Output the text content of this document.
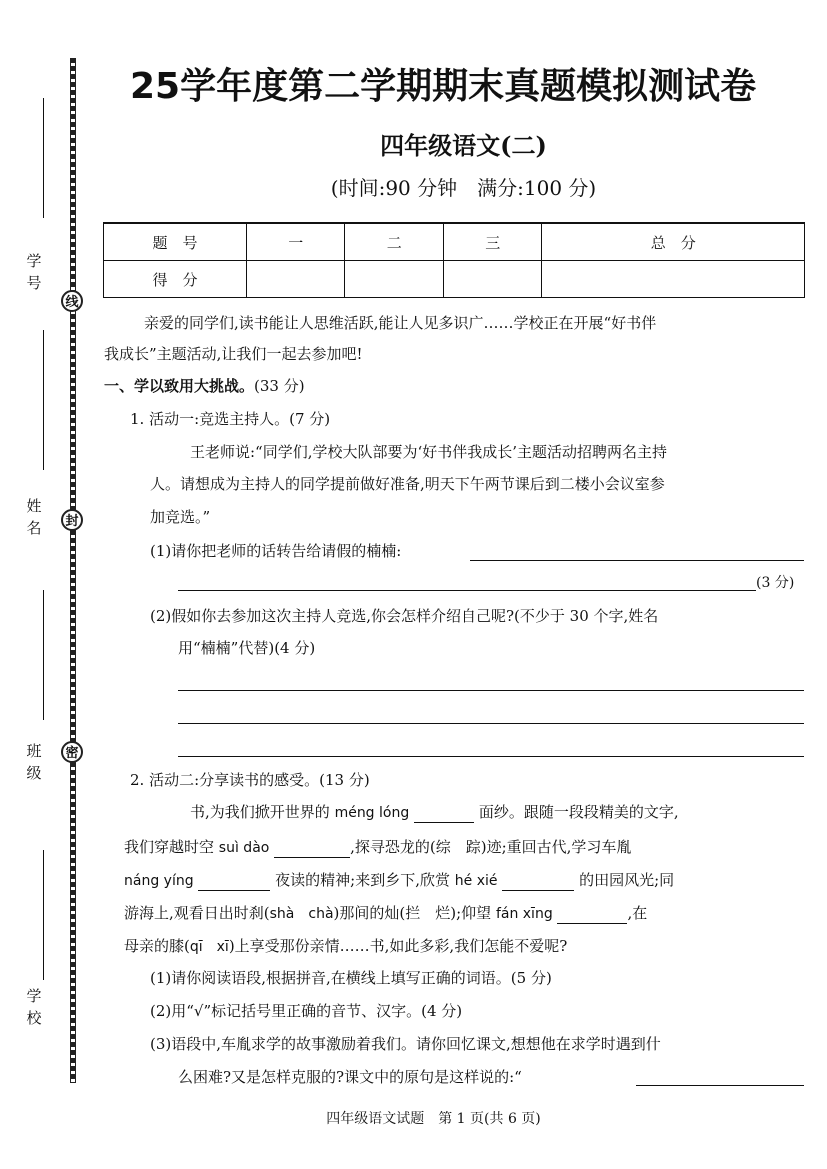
线
封
密
学 号
姓 名
班 级
学 校
25学年度第二学期期末真题模拟测试卷
四年级语文(二)
(时间:90 分钟　满分:100 分)
题　号	一	二	三	总　分
得　分				
亲爱的同学们,读书能让人思维活跃,能让人见多识广……学校正在开展“好书伴
我成长”主题活动,让我们一起去参加吧!
一、学以致用大挑战。(33 分)
1. 活动一:竞选主持人。(7 分)
王老师说:“同学们,学校大队部要为‘好书伴我成长’主题活动招聘两名主持
人。请想成为主持人的同学提前做好准备,明天下午两节课后到二楼小会议室参
加竞选。”
(1)请你把老师的话转告给请假的楠楠:
(3 分)
(2)假如你去参加这次主持人竞选,你会怎样介绍自己呢?(不少于 30 个字,姓名
用“楠楠”代替)(4 分)
2. 活动二:分享读书的感受。(13 分)
书,为我们掀开世界的 méng lóng	面纱。跟随一段段精美的文字,
我们穿越时空 suì dào	,探寻恐龙的(综　踪)迹;重回古代,学习车胤
náng yíng	夜读的精神;来到乡下,欣赏 hé xié	的田园风光;同
游海上,观看日出时刹(shà　chà)那间的灿(拦　烂);仰望 fán xīng	,在
母亲的膝(qī　xī)上享受那份亲情……书,如此多彩,我们怎能不爱呢?
(1)请你阅读语段,根据拼音,在横线上填写正确的词语。(5 分)
(2)用“√”标记括号里正确的音节、汉字。(4 分)
(3)语段中,车胤求学的故事激励着我们。请你回忆课文,想想他在求学时遇到什
么困难?又是怎样克服的?课文中的原句是这样说的:“
四年级语文试题　第 1 页(共 6 页)
